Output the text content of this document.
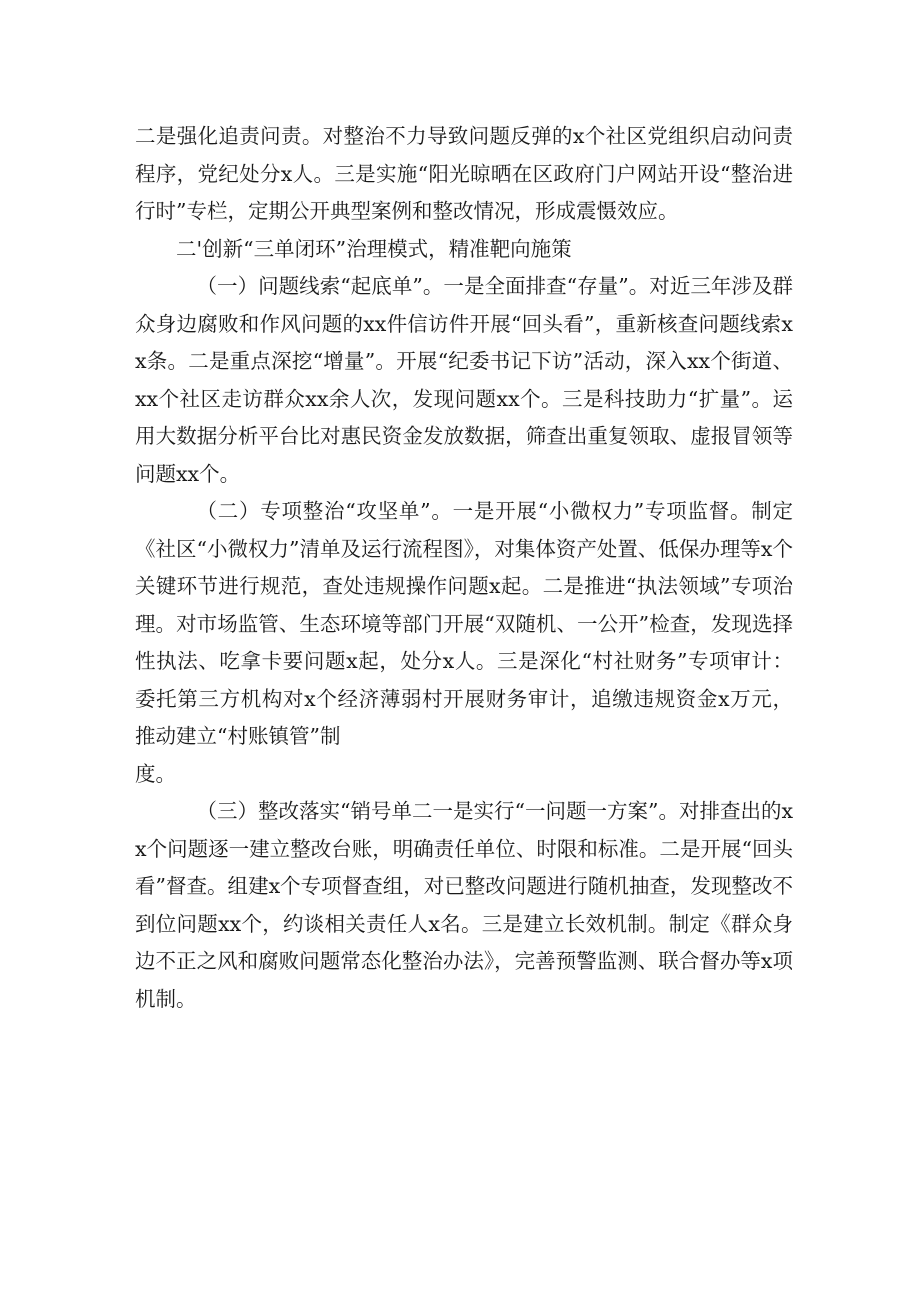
二是强化追责问责。对整治不力导致问题反弹的x个社区党组织启动问责程序，党纪处分x人。三是实施“阳光晾晒在区政府门户网站开设“整治进行时”专栏，定期公开典型案例和整改情况，形成震慑效应。

二'创新“三单闭环”治理模式，精准靶向施策

（一）问题线索“起底单”。一是全面排查“存量”。对近三年涉及群众身边腐败和作风问题的xx件信访件开展“回头看”，重新核查问题线索xx条。二是重点深挖“增量”。开展“纪委书记下访”活动，深入xx个街道、xx个社区走访群众xx余人次，发现问题xx个。三是科技助力“扩量”。运用大数据分析平台比对惠民资金发放数据，筛查出重复领取、虚报冒领等问题xx个。

（二）专项整治“攻坚单”。一是开展“小微权力”专项监督。制定《社区“小微权力”清单及运行流程图》，对集体资产处置、低保办理等x个关键环节进行规范，查处违规操作问题x起。二是推进“执法领域”专项治理。对市场监管、生态环境等部门开展“双随机、一公开”检查，发现选择性执法、吃拿卡要问题x起，处分x人。三是深化“村社财务”专项审计：委托第三方机构对x个经济薄弱村开展财务审计，追缴违规资金x万元，推动建立“村账镇管”制

度。

（三）整改落实“销号单二一是实行“一问题一方案”。对排查出的xx个问题逐一建立整改台账，明确责任单位、时限和标准。二是开展“回头看”督查。组建x个专项督查组，对已整改问题进行随机抽查，发现整改不到位问题xx个，约谈相关责任人x名。三是建立长效机制。制定《群众身边不正之风和腐败问题常态化整治办法》，完善预警监测、联合督办等x项机制。
